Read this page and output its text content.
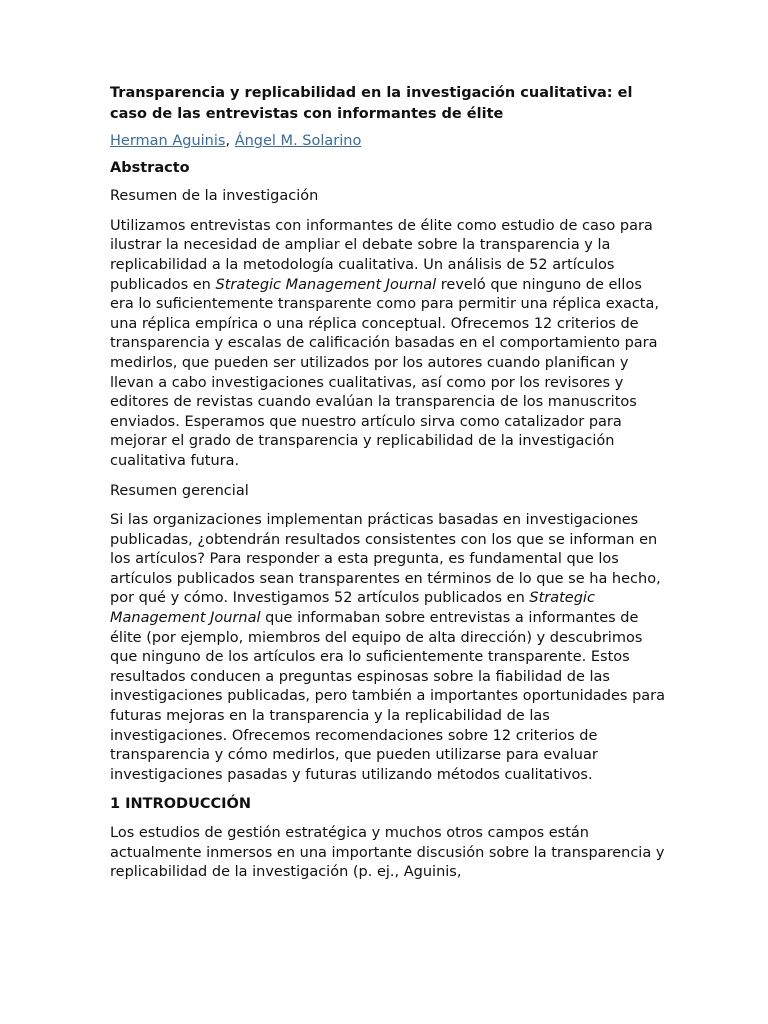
Transparencia y replicabilidad en la investigación cualitativa: el caso de las entrevistas con informantes de élite
Herman Aguinis, Ángel M. Solarino
Abstracto
Resumen de la investigación
Utilizamos entrevistas con informantes de élite como estudio de caso para ilustrar la necesidad de ampliar el debate sobre la transparencia y la replicabilidad a la metodología cualitativa. Un análisis de 52 artículos publicados en Strategic Management Journal reveló que ninguno de ellos era lo suficientemente transparente como para permitir una réplica exacta, una réplica empírica o una réplica conceptual. Ofrecemos 12 criterios de transparencia y escalas de calificación basadas en el comportamiento para medirlos, que pueden ser utilizados por los autores cuando planifican y llevan a cabo investigaciones cualitativas, así como por los revisores y editores de revistas cuando evalúan la transparencia de los manuscritos enviados. Esperamos que nuestro artículo sirva como catalizador para mejorar el grado de transparencia y replicabilidad de la investigación cualitativa futura.
Resumen gerencial
Si las organizaciones implementan prácticas basadas en investigaciones publicadas, ¿obtendrán resultados consistentes con los que se informan en los artículos? Para responder a esta pregunta, es fundamental que los artículos publicados sean transparentes en términos de lo que se ha hecho, por qué y cómo. Investigamos 52 artículos publicados en Strategic Management Journal que informaban sobre entrevistas a informantes de élite (por ejemplo, miembros del equipo de alta dirección) y descubrimos que ninguno de los artículos era lo suficientemente transparente. Estos resultados conducen a preguntas espinosas sobre la fiabilidad de las investigaciones publicadas, pero también a importantes oportunidades para futuras mejoras en la transparencia y la replicabilidad de las investigaciones. Ofrecemos recomendaciones sobre 12 criterios de transparencia y cómo medirlos, que pueden utilizarse para evaluar investigaciones pasadas y futuras utilizando métodos cualitativos.
1 INTRODUCCIÓN
Los estudios de gestión estratégica y muchos otros campos están actualmente inmersos en una importante discusión sobre la transparencia y replicabilidad de la investigación (p. ej., Aguinis,
